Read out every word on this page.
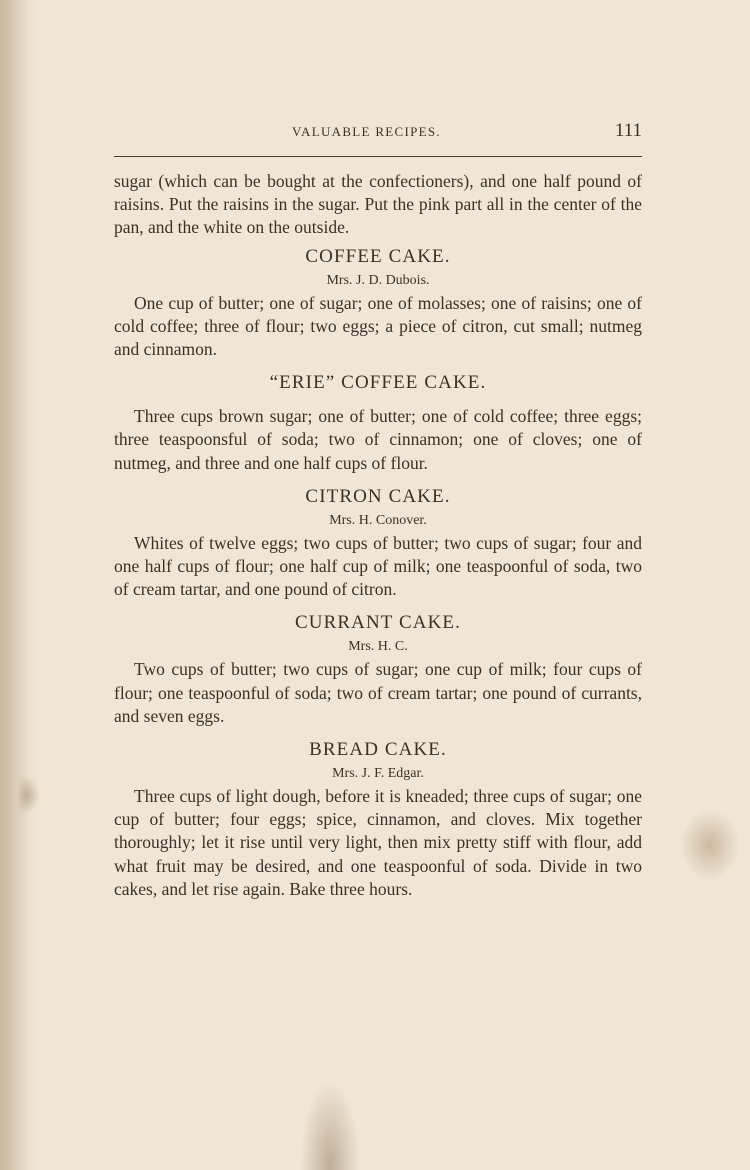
VALUABLE RECIPES.	111

sugar (which can be bought at the confectioners), and one half pound of raisins. Put the raisins in the sugar. Put the pink part all in the center of the pan, and the white on the outside.

COFFEE CAKE.

Mrs. J. D. Dubois.

One cup of butter; one of sugar; one of molasses; one of raisins; one of cold coffee; three of flour; two eggs; a piece of citron, cut small; nutmeg and cinnamon.

“ERIE” COFFEE CAKE.

Three cups brown sugar; one of butter; one of cold coffee; three eggs; three teaspoonsful of soda; two of cinnamon; one of cloves; one of nutmeg, and three and one half cups of flour.

CITRON CAKE.

Mrs. H. Conover.

Whites of twelve eggs; two cups of butter; two cups of sugar; four and one half cups of flour; one half cup of milk; one teaspoonful of soda, two of cream tartar, and one pound of citron.

CURRANT CAKE.

Mrs. H. C.

Two cups of butter; two cups of sugar; one cup of milk; four cups of flour; one teaspoonful of soda; two of cream tartar; one pound of currants, and seven eggs.

BREAD CAKE.

Mrs. J. F. Edgar.

Three cups of light dough, before it is kneaded; three cups of sugar; one cup of butter; four eggs; spice, cinnamon, and cloves. Mix together thoroughly; let it rise until very light, then mix pretty stiff with flour, add what fruit may be desired, and one teaspoonful of soda. Divide in two cakes, and let rise again. Bake three hours.
